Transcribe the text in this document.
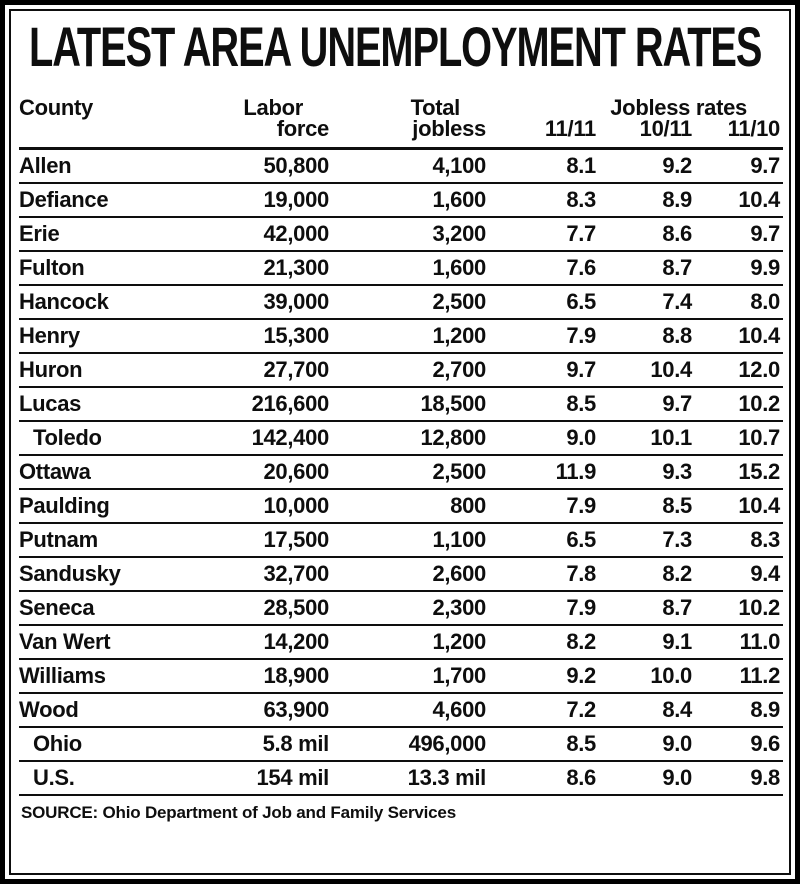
LATEST AREA UNEMPLOYMENT RATES
County	Labor	Total	Jobless rates
force	jobless	11/11	10/11	11/10
Allen	50,800	4,100	8.1	9.2	9.7
Defiance	19,000	1,600	8.3	8.9	10.4
Erie	42,000	3,200	7.7	8.6	9.7
Fulton	21,300	1,600	7.6	8.7	9.9
Hancock	39,000	2,500	6.5	7.4	8.0
Henry	15,300	1,200	7.9	8.8	10.4
Huron	27,700	2,700	9.7	10.4	12.0
Lucas	216,600	18,500	8.5	9.7	10.2
Toledo	142,400	12,800	9.0	10.1	10.7
Ottawa	20,600	2,500	11.9	9.3	15.2
Paulding	10,000	800	7.9	8.5	10.4
Putnam	17,500	1,100	6.5	7.3	8.3
Sandusky	32,700	2,600	7.8	8.2	9.4
Seneca	28,500	2,300	7.9	8.7	10.2
Van Wert	14,200	1,200	8.2	9.1	11.0
Williams	18,900	1,700	9.2	10.0	11.2
Wood	63,900	4,600	7.2	8.4	8.9
Ohio	5.8 mil	496,000	8.5	9.0	9.6
U.S.	154 mil	13.3 mil	8.6	9.0	9.8
SOURCE: Ohio Department of Job and Family Services
